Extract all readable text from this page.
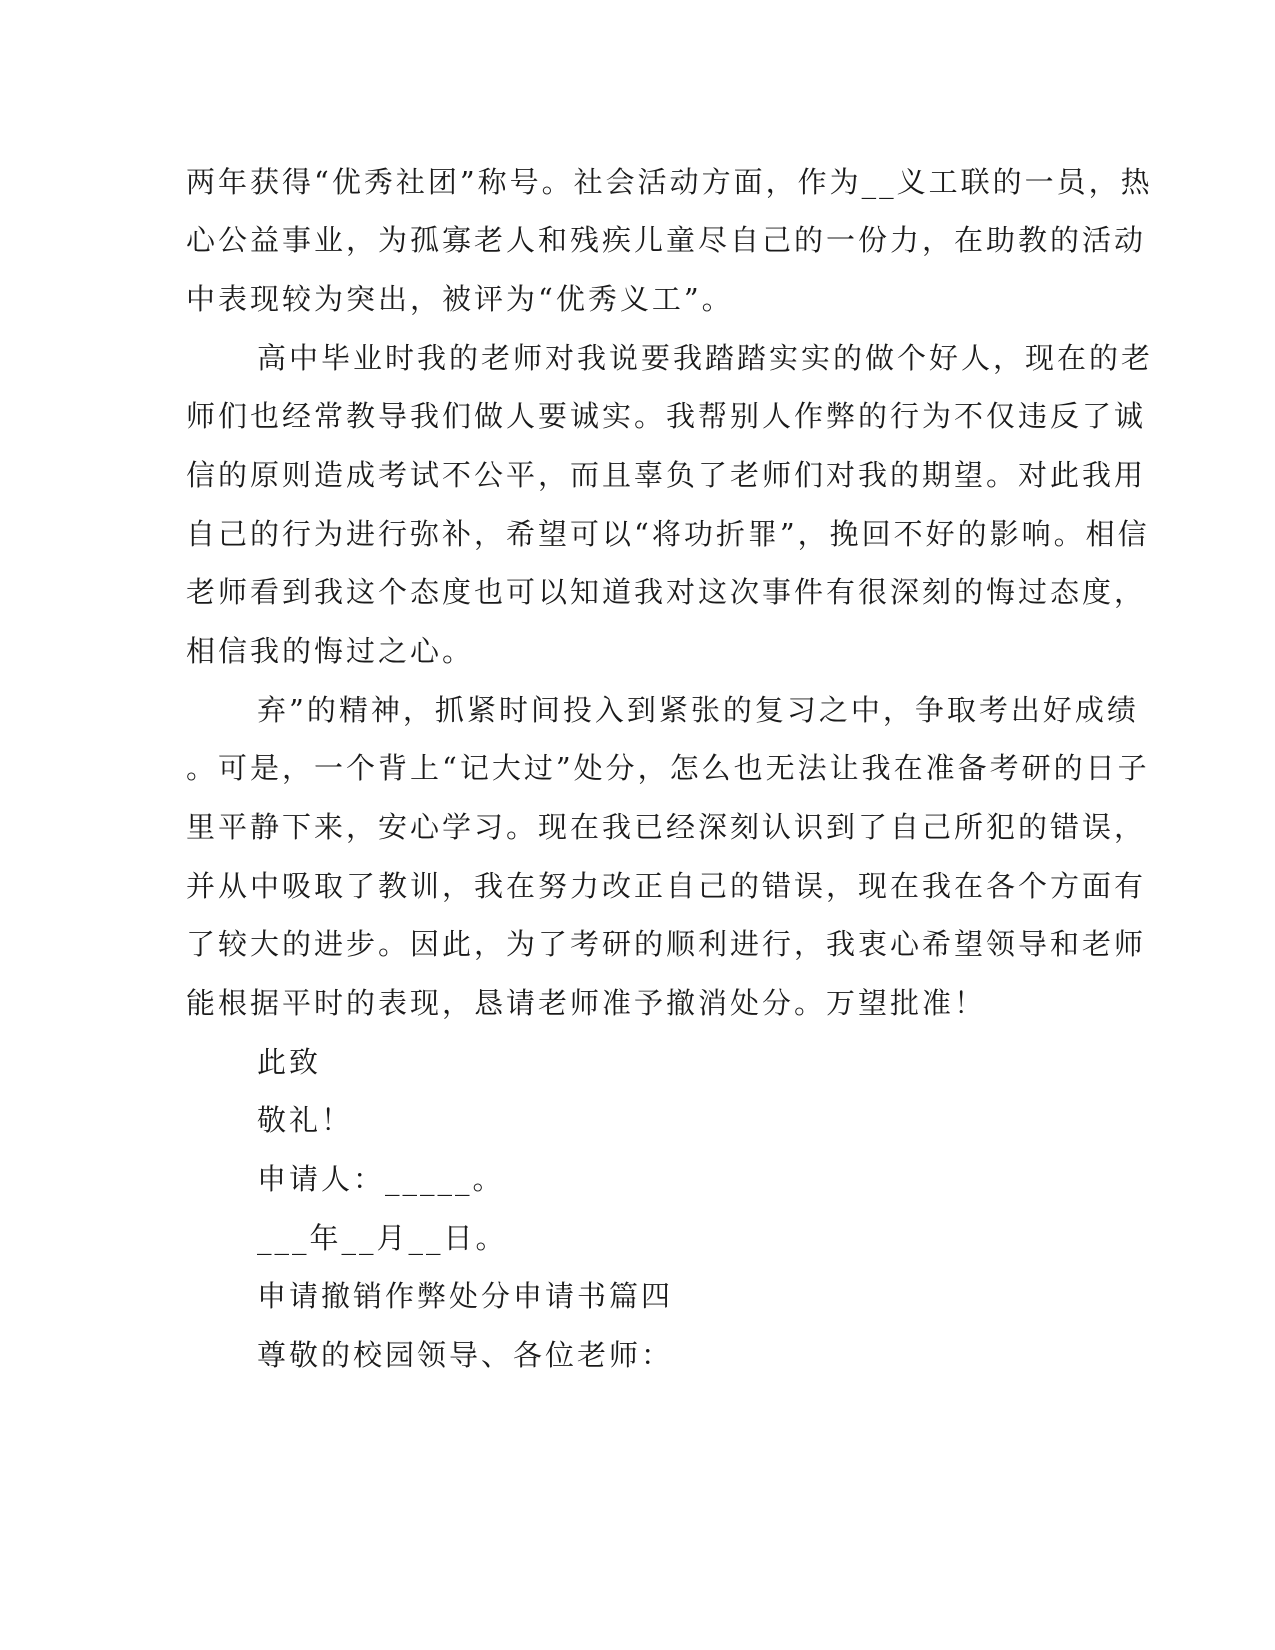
两年获得“优秀社团”称号。社会活动方面，作为__义工联的一员，热
心公益事业，为孤寡老人和残疾儿童尽自己的一份力，在助教的活动
中表现较为突出，被评为“优秀义工”。
高中毕业时我的老师对我说要我踏踏实实的做个好人，现在的老
师们也经常教导我们做人要诚实。我帮别人作弊的行为不仅违反了诚
信的原则造成考试不公平，而且辜负了老师们对我的期望。对此我用
自己的行为进行弥补，希望可以“将功折罪”，挽回不好的影响。相信
老师看到我这个态度也可以知道我对这次事件有很深刻的悔过态度，
相信我的悔过之心。
弃”的精神，抓紧时间投入到紧张的复习之中，争取考出好成绩
。可是，一个背上“记大过”处分，怎么也无法让我在准备考研的日子
里平静下来，安心学习。现在我已经深刻认识到了自己所犯的错误，
并从中吸取了教训，我在努力改正自己的错误，现在我在各个方面有
了较大的进步。因此，为了考研的顺利进行，我衷心希望领导和老师
能根据平时的表现，恳请老师准予撤消处分。万望批准！
此致
敬礼！
申请人：_____。
___年__月__日。
申请撤销作弊处分申请书篇四
尊敬的校园领导、各位老师：
